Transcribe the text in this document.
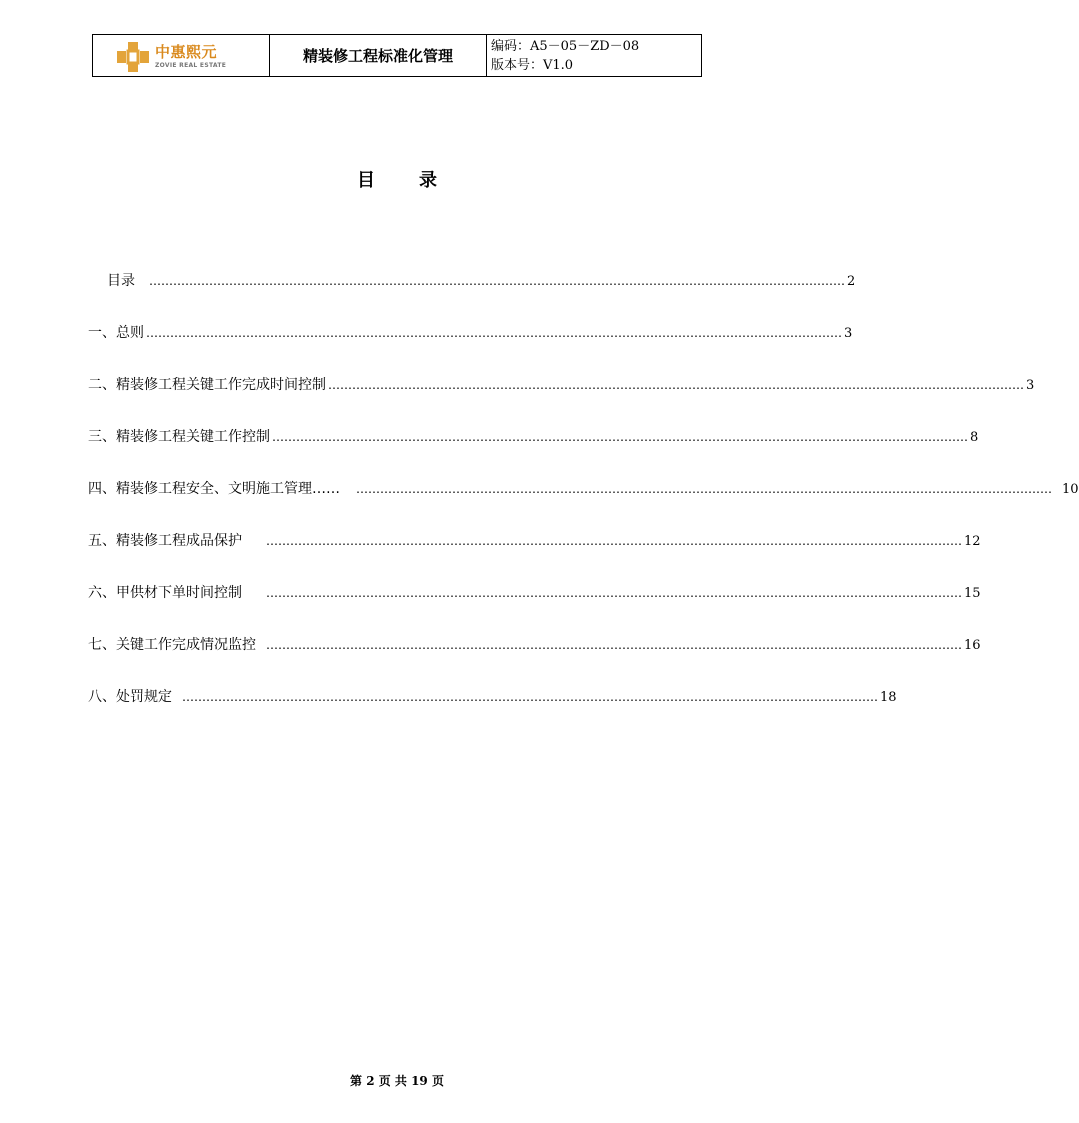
中惠熙元
ZOVIE REAL ESTATE
精装修工程标准化管理
编码：A5－05－ZD－08
版本号：V1.0
目 录
目录 ………………………………………………………………………………………………………………………………………………………… 2
一、总则 ………………………………………………………………………………………………………………………………………………………… 3
二、精装修工程关键工作完成时间控制 ………………………………………………………………………………………………………………………………………………………… 3
三、精装修工程关键工作控制 ………………………………………………………………………………………………………………………………………………………… 8
四、精装修工程安全、文明施工管理…… ………………………………………………………………………………………………………………………………………………………… 10
五、精装修工程成品保护 ………………………………………………………………………………………………………………………………………………………… 12
六、甲供材下单时间控制 ………………………………………………………………………………………………………………………………………………………… 15
七、关键工作完成情况监控 ………………………………………………………………………………………………………………………………………………………… 16
八、处罚规定 ………………………………………………………………………………………………………………………………………………………… 18
第 2 页 共 19 页
